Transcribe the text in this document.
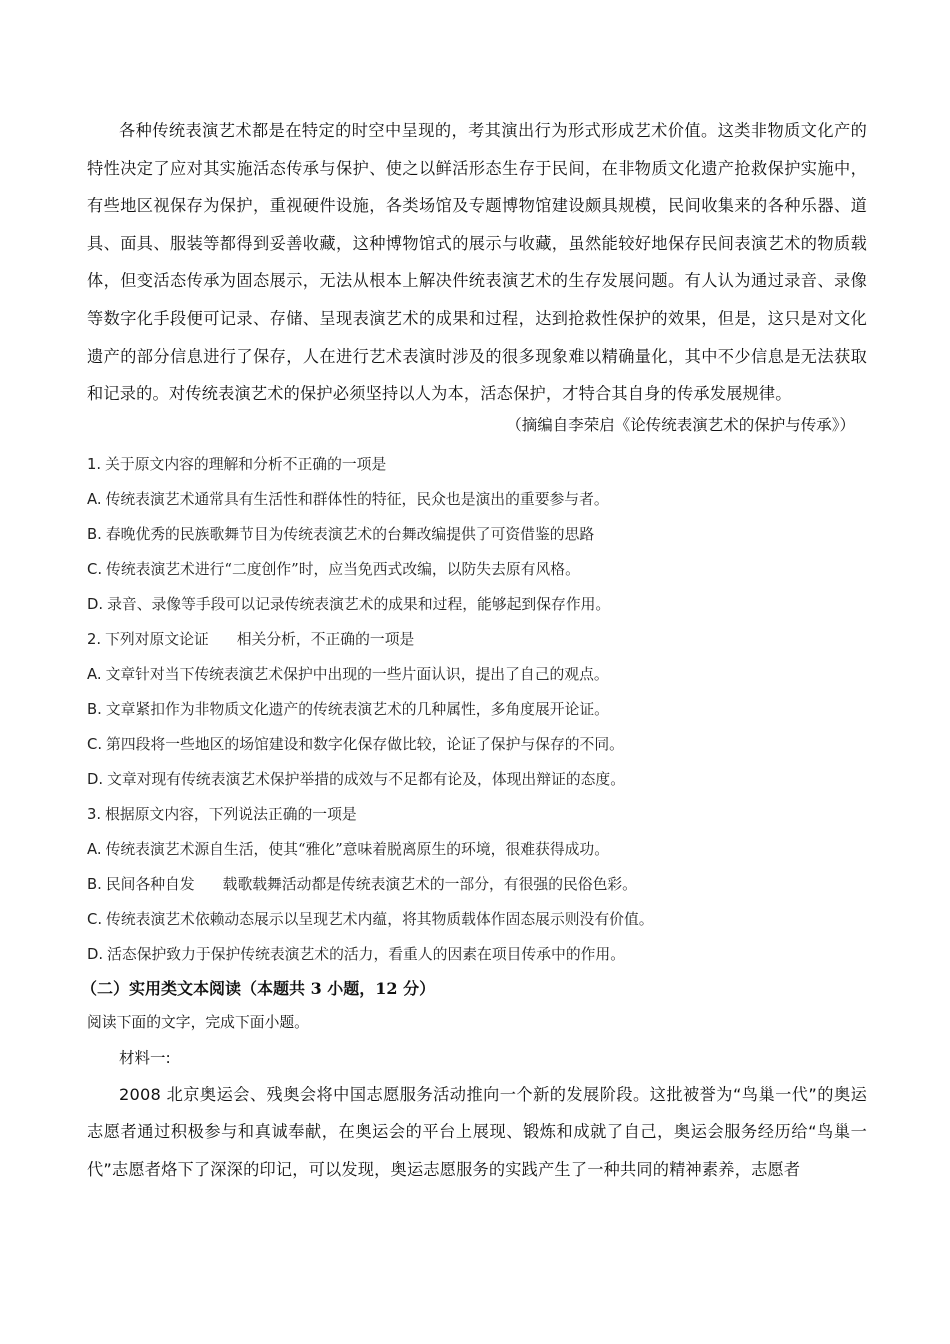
各种传统表演艺术都是在特定的时空中呈现的，考其演出行为形式形成艺术价值。这类非物质文化产的特性决定了应对其实施活态传承与保护、使之以鲜活形态生存于民间，在非物质文化遗产抢救保护实施中，有些地区视保存为保护，重视硬件设施，各类场馆及专题博物馆建设颇具规模，民间收集来的各种乐器、道具、面具、服装等都得到妥善收藏，这种博物馆式的展示与收藏，虽然能较好地保存民间表演艺术的物质载体，但变活态传承为固态展示，无法从根本上解决件统表演艺术的生存发展问题。有人认为通过录音、录像等数字化手段便可记录、存储、呈现表演艺术的成果和过程，达到抢救性保护的效果，但是，这只是对文化遗产的部分信息进行了保存，人在进行艺术表演时涉及的很多现象难以精确量化，其中不少信息是无法获取和记录的。对传统表演艺术的保护必须坚持以人为本，活态保护，才特合其自身的传承发展规律。

（摘编自李荣启《论传统表演艺术的保护与传承》）

1. 关于原文内容的理解和分析不正确的一项是

A. 传统表演艺术通常具有生活性和群体性的特征，民众也是演出的重要参与者。

B. 春晚优秀的民族歌舞节目为传统表演艺术的台舞改编提供了可资借鉴的思路

C. 传统表演艺术进行“二度创作”时，应当免西式改编，以防失去原有风格。

D. 录音、录像等手段可以记录传统表演艺术的成果和过程，能够起到保存作用。

2. 下列对原文论证 相关分析，不正确的一项是

A. 文章针对当下传统表演艺术保护中出现的一些片面认识，提出了自己的观点。

B. 文章紧扣作为非物质文化遗产的传统表演艺术的几种属性，多角度展开论证。

C. 第四段将一些地区的场馆建设和数字化保存做比较，论证了保护与保存的不同。

D. 文章对现有传统表演艺术保护举措的成效与不足都有论及，体现出辩证的态度。

3. 根据原文内容，下列说法正确的一项是

A. 传统表演艺术源自生活，使其“雅化”意味着脱离原生的环境，很难获得成功。

B. 民间各种自发 载歌载舞活动都是传统表演艺术的一部分，有很强的民俗色彩。

C. 传统表演艺术依赖动态展示以呈现艺术内蕴，将其物质载体作固态展示则没有价值。

D. 活态保护致力于保护传统表演艺术的活力，看重人的因素在项目传承中的作用。

（二）实用类文本阅读（本题共 3 小题，12 分）

阅读下面的文字，完成下面小题。

材料一:

2008 北京奥运会、残奥会将中国志愿服务活动推向一个新的发展阶段。这批被誉为“鸟巢一代”的奥运志愿者通过积极参与和真诚奉献，在奥运会的平台上展现、锻炼和成就了自己，奥运会服务经历给“鸟巢一代”志愿者烙下了深深的印记，可以发现，奥运志愿服务的实践产生了一种共同的精神素养，志愿者
